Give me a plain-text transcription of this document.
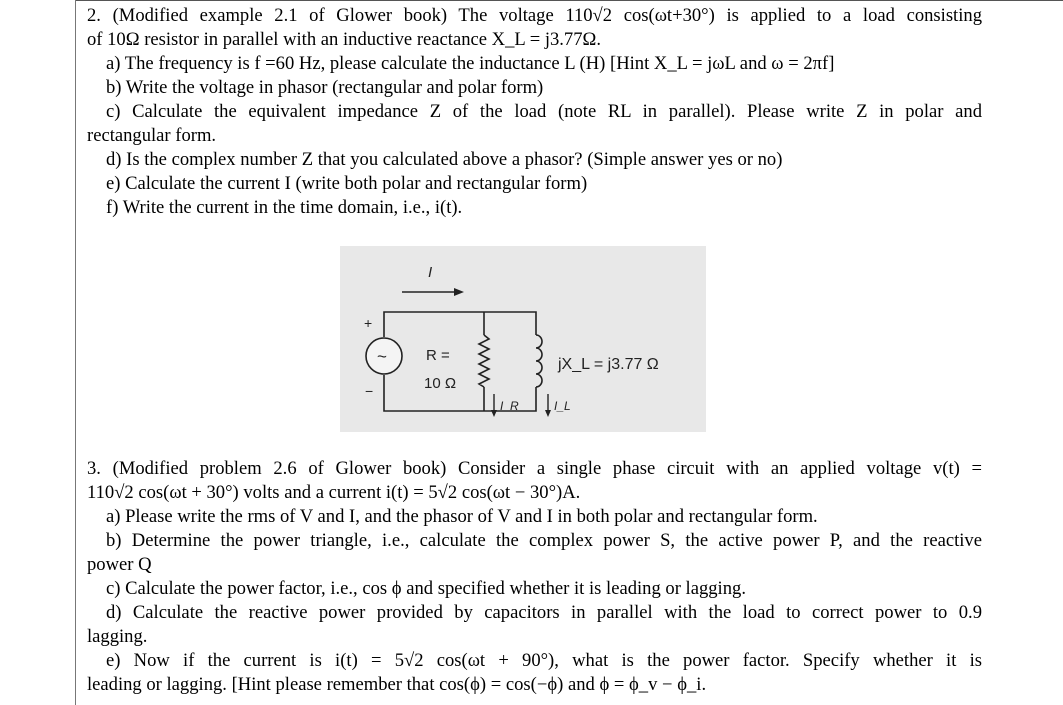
2. (Modified example 2.1 of Glower book) The voltage 110√2 cos(ωt+30°) is applied to a load consisting
of 10Ω resistor in parallel with an inductive reactance X_L = j3.77Ω.
a) The frequency is f =60 Hz, please calculate the inductance L (H) [Hint X_L = jωL and ω = 2πf]
b) Write the voltage in phasor (rectangular and polar form)
c) Calculate the equivalent impedance Z of the load (note RL in parallel). Please write Z in polar and
rectangular form.
d) Is the complex number Z that you calculated above a phasor? (Simple answer yes or no)
e) Calculate the current I (write both polar and rectangular form)
f) Write the current in the time domain, i.e., i(t).
I
~
+
−
R =
10 Ω
jX_L = j3.77 Ω
I_R	I_L
3. (Modified problem 2.6 of Glower book) Consider a single phase circuit with an applied voltage v(t) =
110√2 cos(ωt + 30°) volts and a current i(t) = 5√2 cos(ωt − 30°)A.
a) Please write the rms of V and I, and the phasor of V and I in both polar and rectangular form.
b) Determine the power triangle, i.e., calculate the complex power S, the active power P, and the reactive
power Q
c) Calculate the power factor, i.e., cos ϕ and specified whether it is leading or lagging.
d) Calculate the reactive power provided by capacitors in parallel with the load to correct power to 0.9
lagging.
e) Now if the current is i(t) = 5√2 cos(ωt + 90°), what is the power factor. Specify whether it is
leading or lagging. [Hint please remember that cos(ϕ) = cos(−ϕ) and ϕ = ϕ_v − ϕ_i.
